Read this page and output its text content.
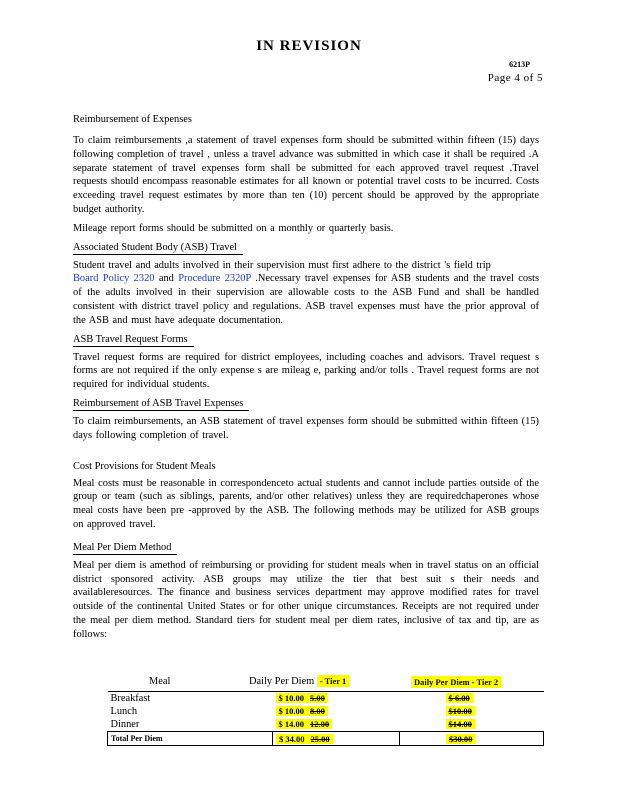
IN REVISION
6213P
Page 4 of 5
Reimbursement of Expenses

To claim reimbursements ,a statement of travel expenses form should be submitted within fifteen (15) days following completion of travel , unless a travel advance was submitted in which case it shall be required .A separate statement of travel expenses form shall be submitted for each approved travel request .Travel requests should encompass reasonable estimates for all known or potential travel costs to be incurred. Costs exceeding travel request estimates by more than ten (10) percent should be approved by the appropriate budget authority.

Mileage report forms should be submitted on a monthly or quarterly basis.

Associated Student Body (ASB) Travel

Student travel and adults involved in their supervision must first adhere to the district 's field trip
Board Policy 2320 and Procedure 2320P .Necessary travel expenses for ASB students and the travel costs of the adults involved in their supervision are allowable costs to the ASB Fund and shall be handled consistent with district travel policy and regulations. ASB travel expenses must have the prior approval of the ASB and must have adequate documentation.

ASB Travel Request Forms

Travel request forms are required for district employees, including coaches and advisors. Travel request s forms are not required if the only expense s are mileag e, parking and/or tolls . Travel request forms are not required for individual students.

Reimbursement of ASB Travel Expenses

To claim reimbursements, an ASB statement of travel expenses form should be submitted within fifteen (15) days following completion of travel.

Cost Provisions for Student Meals

Meal costs must be reasonable in correspondenceto actual students and cannot include parties outside of the group or team (such as siblings, parents, and/or other relatives) unless they are requiredchaperones whose meal costs have been pre -approved by the ASB. The following methods may be utilized for ASB groups on approved travel.

Meal Per Diem Method

Meal per diem is amethod of reimbursing or providing for student meals when in travel status on an official district sponsored activity. ASB groups may utilize the tier that best suit s their needs and availableresources. The finance and business services department may approve modified rates for travel outside of the continental United States or for other unique circumstances. Receipts are not required under the meal per diem method. Standard tiers for student meal per diem rates, inclusive of tax and tip, are as follows:

Meal	Daily Per Diem - Tier 1	Daily Per Diem - Tier 2
Breakfast	$ 10.00 5.00	$ 6.00
Lunch	$ 10.00 8.00	$10.00
Dinner	$ 14.00 12.00	$14.00
Total Per Diem	$ 34.00 25.00	$30.00
